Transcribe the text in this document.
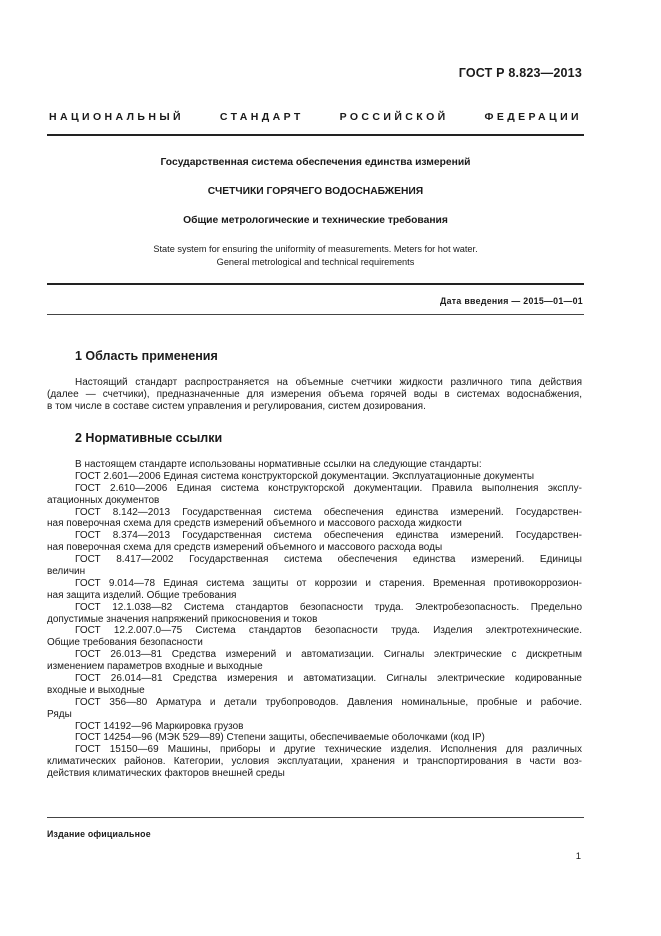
ГОСТ Р 8.823—2013
НАЦИОНАЛЬНЫЙ СТАНДАРТ РОССИЙСКОЙ ФЕДЕРАЦИИ
Государственная система обеспечения единства измерений
СЧЕТЧИКИ ГОРЯЧЕГО ВОДОСНАБЖЕНИЯ
Общие метрологические и технические требования
State system for ensuring the uniformity of measurements. Meters for hot water.
General metrological and technical requirements
Дата введения — 2015—01—01
1 Область применения
Настоящий стандарт распространяется на объемные счетчики жидкости различного типа действия
(далее — счетчики), предназначенные для измерения объема горячей воды в системах водоснабжения,
в том числе в составе систем управления и регулирования, систем дозирования.
2 Нормативные ссылки
В настоящем стандарте использованы нормативные ссылки на следующие стандарты:
ГОСТ 2.601—2006 Единая система конструкторской документации. Эксплуатационные документы
ГОСТ 2.610—2006 Единая система конструкторской документации. Правила выполнения эксплу-
атационных документов
ГОСТ 8.142—2013 Государственная система обеспечения единства измерений. Государствен-
ная поверочная схема для средств измерений объемного и массового расхода жидкости
ГОСТ 8.374—2013 Государственная система обеспечения единства измерений. Государствен-
ная поверочная схема для средств измерений объемного и массового расхода воды
ГОСТ 8.417—2002 Государственная система обеспечения единства измерений. Единицы
величин
ГОСТ 9.014—78 Единая система защиты от коррозии и старения. Временная противокоррозион-
ная защита изделий. Общие требования
ГОСТ 12.1.038—82 Система стандартов безопасности труда. Электробезопасность. Предельно
допустимые значения напряжений прикосновения и токов
ГОСТ 12.2.007.0—75 Система стандартов безопасности труда. Изделия электротехнические.
Общие требования безопасности
ГОСТ 26.013—81 Средства измерений и автоматизации. Сигналы электрические с дискретным
изменением параметров входные и выходные
ГОСТ 26.014—81 Средства измерения и автоматизации. Сигналы электрические кодированные
входные и выходные
ГОСТ 356—80 Арматура и детали трубопроводов. Давления номинальные, пробные и рабочие.
Ряды
ГОСТ 14192—96 Маркировка грузов
ГОСТ 14254—96 (МЭК 529—89) Степени защиты, обеспечиваемые оболочками (код IP)
ГОСТ 15150—69 Машины, приборы и другие технические изделия. Исполнения для различных
климатических районов. Категории, условия эксплуатации, хранения и транспортирования в части воз-
действия климатических факторов внешней среды
Издание официальное
1
